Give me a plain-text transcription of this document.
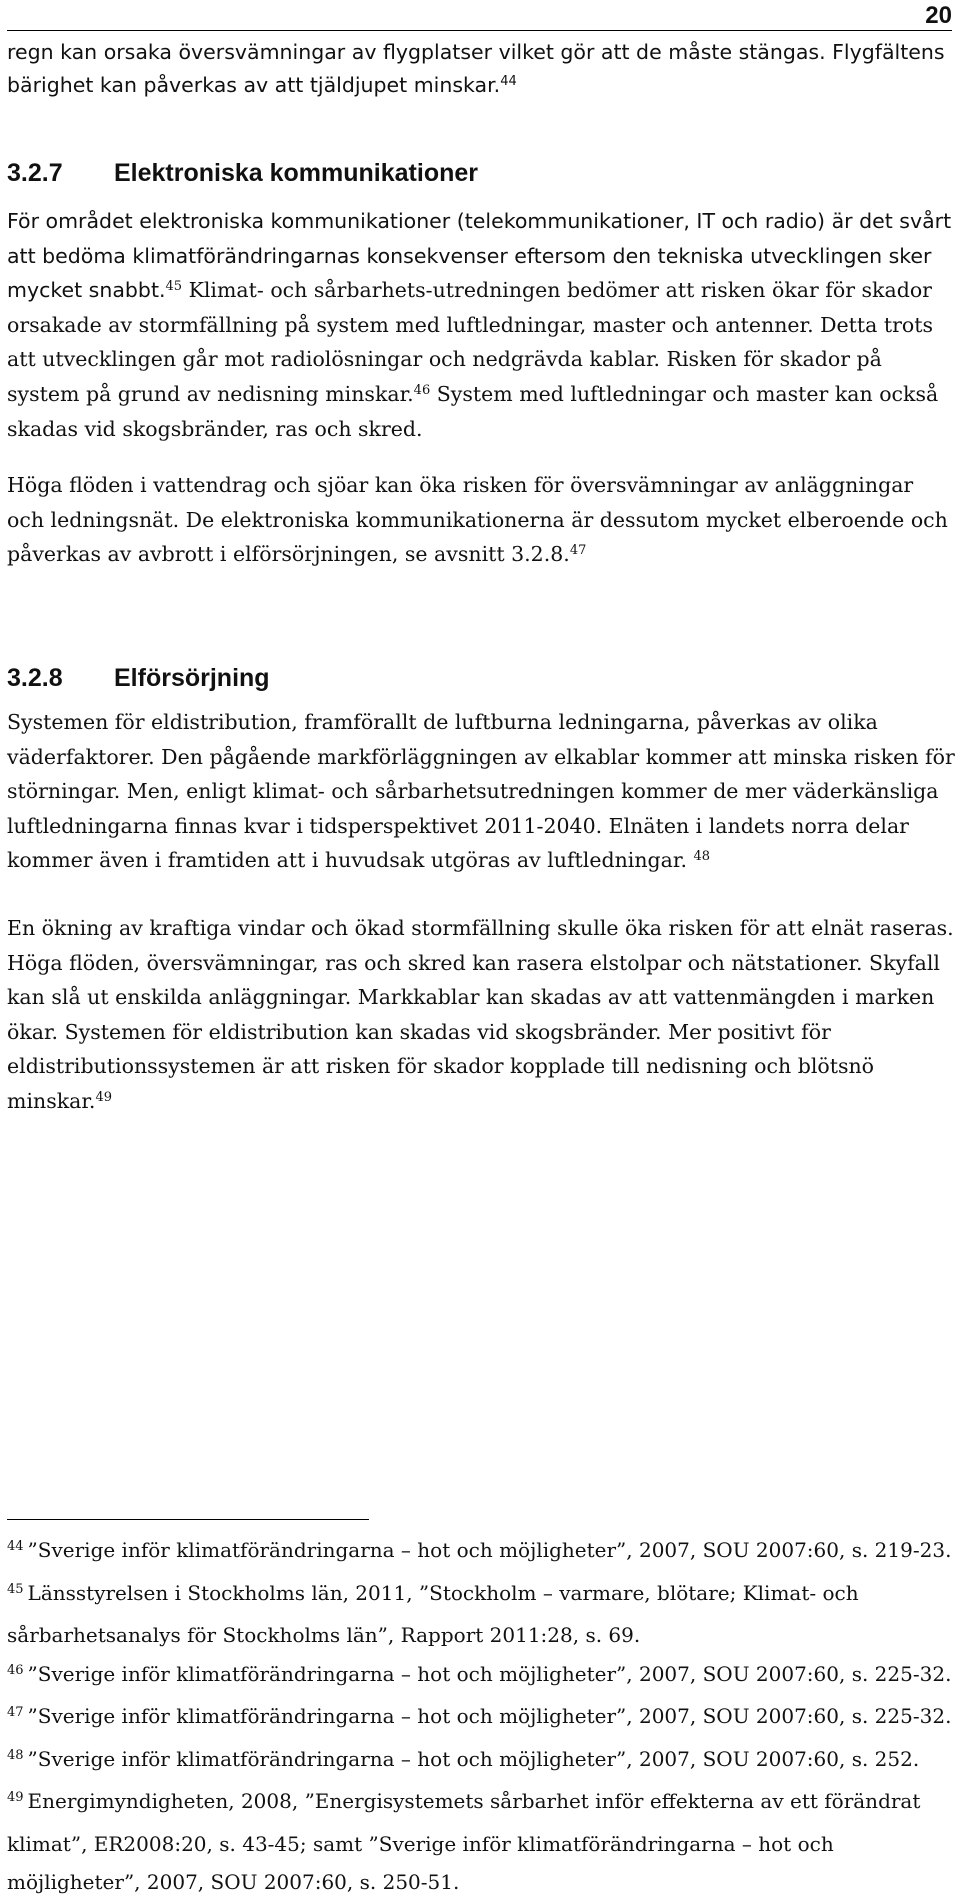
20

regn kan orsaka översvämningar av flygplatser vilket gör att de måste stängas. Flygfältens bärighet kan påverkas av att tjäldjupet minskar.$^{44}$

3.2.7 Elektroniska kommunikationer

För området elektroniska kommunikationer (telekommunikationer, IT och radio) är det svårt att bedöma klimatförändringarnas konsekvenser eftersom den tekniska utvecklingen sker mycket snabbt.$^{45}$ Klimat- och sårbarhets-utredningen bedömer att risken ökar för skador orsakade av stormfällning på system med luftledningar, master och antenner. Detta trots att utvecklingen går mot radiolösningar och nedgrävda kablar. Risken för skador på system på grund av nedisning minskar.$^{46}$ System med luftledningar och master kan också skadas vid skogsbränder, ras och skred.

Höga flöden i vattendrag och sjöar kan öka risken för översvämningar av anläggningar och ledningsnät. De elektroniska kommunikationerna är dessutom mycket elberoende och påverkas av avbrott i elförsörjningen, se avsnitt 3.2.8.47

3.2.8 Elförsörjning

Systemen för eldistribution, framförallt de luftburna ledningarna, påverkas av olika väderfaktorer. Den pågående markförläggningen av elkablar kommer att minska risken för störningar. Men, enligt klimat- och sårbarhetsutredningen kommer de mer väderkänsliga luftledningarna finnas kvar i tidsperspektivet 2011-2040. Elnäten i landets norra delar kommer även i framtiden att i huvudsak utgöras av luftledningar. $^{48}$

En ökning av kraftiga vindar och ökad stormfällning skulle öka risken för att elnät raseras. Höga flöden, översvämningar, ras och skred kan rasera elstolpar och nätstationer. Skyfall kan slå ut enskilda anläggningar. Markkablar kan skadas av att vattenmängden i marken ökar. Systemen för eldistribution kan skadas vid skogsbränder. Mer positivt för eldistributionssystemen är att risken för skador kopplade till nedisning och blötsnö minskar.$^{49}$

$^{44}$ ”Sverige inför klimatförändringarna – hot och möjligheter”, 2007, SOU 2007:60, s. 219-23.

$^{45}$ Länsstyrelsen i Stockholms län, 2011, ”Stockholm – varmare, blötare; Klimat- och sårbarhetsanalys för Stockholms län”, Rapport 2011:28, s. 69.

$^{46}$ ”Sverige inför klimatförändringarna – hot och möjligheter”, 2007, SOU 2007:60, s. 225-32.

$^{47}$ ”Sverige inför klimatförändringarna – hot och möjligheter”, 2007, SOU 2007:60, s. 225-32.

$^{48}$ ”Sverige inför klimatförändringarna – hot och möjligheter”, 2007, SOU 2007:60, s. 252.

$^{49}$ Energimyndigheten, 2008, ”Energisystemets sårbarhet inför effekterna av ett förändrat klimat”, ER2008:20, s. 43-45; samt ”Sverige inför klimatförändringarna – hot och möjligheter”, 2007, SOU 2007:60, s. 250-51.
